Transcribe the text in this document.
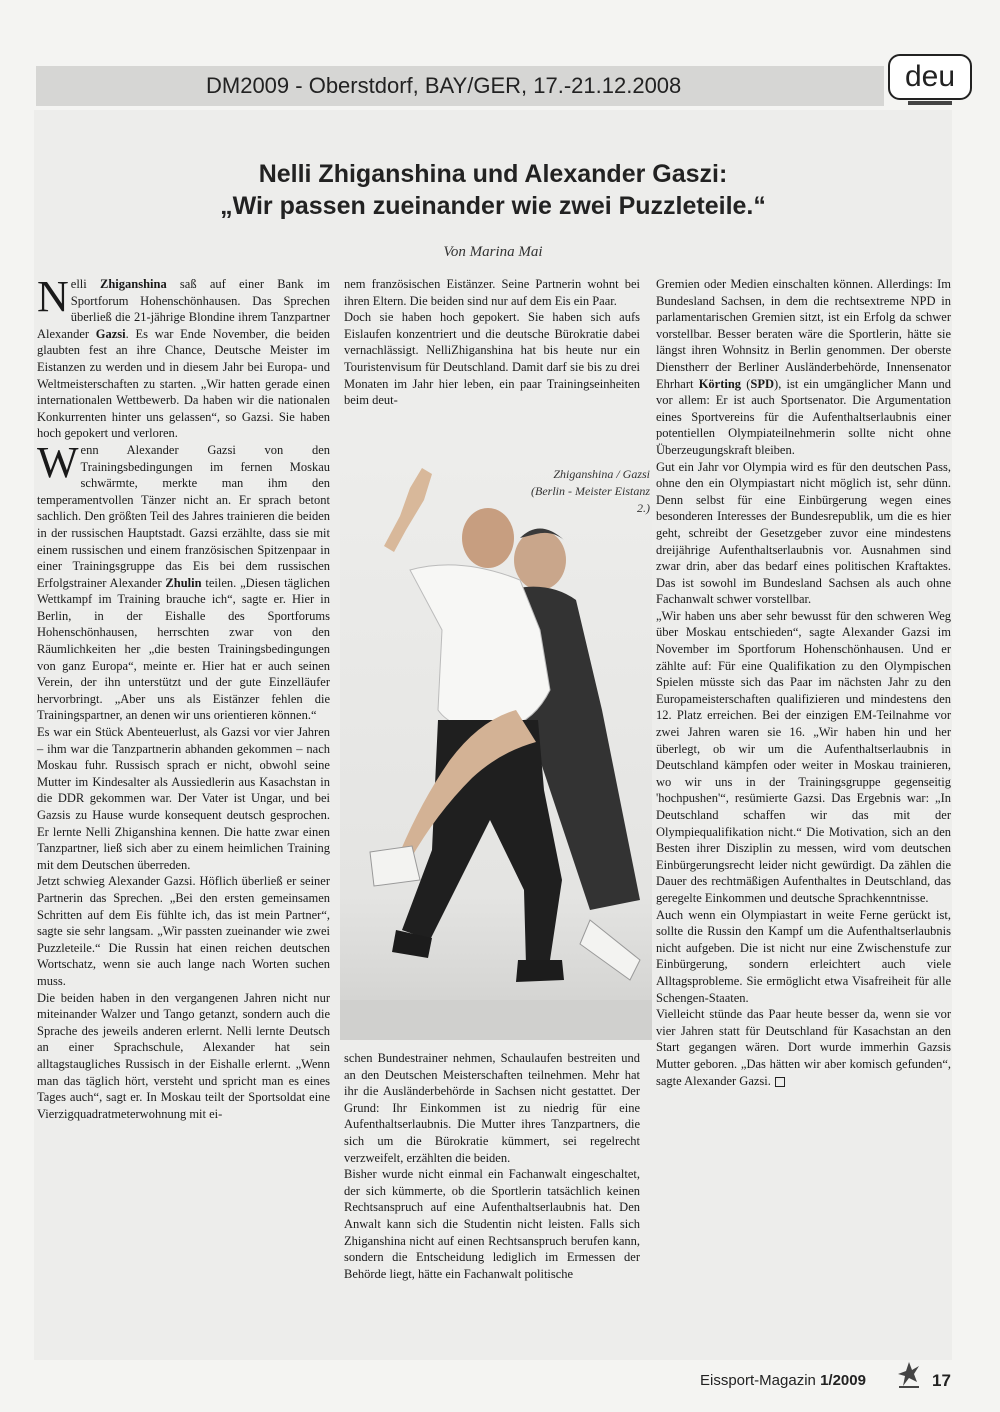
DM2009 - Oberstdorf, BAY/GER, 17.-21.12.2008	deu
Nelli Zhiganshina und Alexander Gaszi:
„Wir passen zueinander wie zwei Puzzleteile.“
Von Marina Mai

Nelli Zhiganshina saß auf einer Bank im Sportforum Hohenschönhausen. Das Sprechen überließ die 21-jährige Blondine ihrem Tanzpartner Alexander Gazsi. Es war Ende November, die beiden glaubten fest an ihre Chance, Deutsche Meister im Eistanzen zu werden und in diesem Jahr bei Europa- und Weltmeisterschaften zu starten. „Wir hatten gerade einen internationalen Wettbewerb. Da haben wir die nationalen Konkurrenten hinter uns gelassen“, so Gazsi. Sie haben hoch gepokert und verloren.

Wenn Alexander Gazsi von den Trainingsbedingungen im fernen Moskau schwärmte, merkte man ihm den temperamentvollen Tänzer nicht an. Er sprach betont sachlich. Den größten Teil des Jahres trainieren die beiden in der russischen Hauptstadt. Gazsi erzählte, dass sie mit einem russischen und einem französischen Spitzenpaar in einer Trainingsgruppe das Eis bei dem russischen Erfolgstrainer Alexander Zhulin teilen. „Diesen täglichen Wettkampf im Training brauche ich“, sagte er. Hier in Berlin, in der Eishalle des Sportforums Hohenschönhausen, herrschten zwar von den Räumlichkeiten her „die besten Trainingsbedingungen von ganz Europa“, meinte er. Hier hat er auch seinen Verein, der ihn unterstützt und der gute Einzelläufer hervorbringt. „Aber uns als Eistänzer fehlen die Trainingspartner, an denen wir uns orientieren können.“

Es war ein Stück Abenteuerlust, als Gazsi vor vier Jahren – ihm war die Tanzpartnerin abhanden gekommen – nach Moskau fuhr. Russisch sprach er nicht, obwohl seine Mutter im Kindesalter als Aussiedlerin aus Kasachstan in die DDR gekommen war. Der Vater ist Ungar, und bei Gazsis zu Hause wurde konsequent deutsch gesprochen. Er lernte Nelli Zhiganshina kennen. Die hatte zwar einen Tanzpartner, ließ sich aber zu einem heimlichen Training mit dem Deutschen überreden.

Jetzt schwieg Alexander Gazsi. Höflich überließ er seiner Partnerin das Sprechen. „Bei den ersten gemeinsamen Schritten auf dem Eis fühlte ich, das ist mein Partner“, sagte sie sehr langsam. „Wir passten zueinander wie zwei Puzzleteile.“ Die Russin hat einen reichen deutschen Wortschatz, wenn sie auch lange nach Worten suchen muss.

Die beiden haben in den vergangenen Jahren nicht nur miteinander Walzer und Tango getanzt, sondern auch die Sprache des jeweils anderen erlernt. Nelli lernte Deutsch an einer Sprachschule, Alexander hat sein alltagstaugliches Russisch in der Eishalle erlernt. „Wenn man das täglich hört, versteht und spricht man es eines Tages auch“, sagt er. In Moskau teilt der Sportsoldat eine Vierzigquadratmeterwohnung mit ei-

nem französischen Eistänzer. Seine Partnerin wohnt bei ihren Eltern. Die beiden sind nur auf dem Eis ein Paar.

Doch sie haben hoch gepokert. Sie haben sich aufs Eislaufen konzentriert und die deutsche Bürokratie dabei vernachlässigt. NelliZhiganshina hat bis heute nur ein Touristenvisum für Deutschland. Damit darf sie bis zu drei Monaten im Jahr hier leben, ein paar Trainingseinheiten beim deut-

Zhiganshina / Gazsi (Berlin - Meister Eistanz 2.)

schen Bundestrainer nehmen, Schaulaufen bestreiten und an den Deutschen Meisterschaften teilnehmen. Mehr hat ihr die Ausländerbehörde in Sachsen nicht gestattet. Der Grund: Ihr Einkommen ist zu niedrig für eine Aufenthaltserlaubnis. Die Mutter ihres Tanzpartners, die sich um die Bürokratie kümmert, sei regelrecht verzweifelt, erzählten die beiden.

Bisher wurde nicht einmal ein Fachanwalt eingeschaltet, der sich kümmerte, ob die Sportlerin tatsächlich keinen Rechtsanspruch auf eine Aufenthaltserlaubnis hat. Den Anwalt kann sich die Studentin nicht leisten. Falls sich Zhiganshina nicht auf einen Rechtsanspruch berufen kann, sondern die Entscheidung lediglich im Ermessen der Behörde liegt, hätte ein Fachanwalt politische

Gremien oder Medien einschalten können. Allerdings: Im Bundesland Sachsen, in dem die rechtsextreme NPD in parlamentarischen Gremien sitzt, ist ein Erfolg da schwer vorstellbar. Besser beraten wäre die Sportlerin, hätte sie längst ihren Wohnsitz in Berlin genommen. Der oberste Dienstherr der Berliner Ausländerbehörde, Innensenator Ehrhart Körting (SPD), ist ein umgänglicher Mann und vor allem: Er ist auch Sportsenator. Die Argumentation eines Sportvereins für die Aufenthaltserlaubnis einer potentiellen Olympiateilnehmerin sollte nicht ohne Überzeugungskraft bleiben.

Gut ein Jahr vor Olympia wird es für den deutschen Pass, ohne den ein Olympiastart nicht möglich ist, sehr dünn. Denn selbst für eine Einbürgerung wegen eines besonderen Interesses der Bundesrepublik, um die es hier geht, schreibt der Gesetzgeber zuvor eine mindestens dreijährige Aufenthaltserlaubnis vor. Ausnahmen sind zwar drin, aber das bedarf eines politischen Kraftaktes. Das ist sowohl im Bundesland Sachsen als auch ohne Fachanwalt schwer vorstellbar.

„Wir haben uns aber sehr bewusst für den schweren Weg über Moskau entschieden“, sagte Alexander Gazsi im November im Sportforum Hohenschönhausen. Und er zählte auf: Für eine Qualifikation zu den Olympischen Spielen müsste sich das Paar im nächsten Jahr zu den Europameisterschaften qualifizieren und mindestens den 12. Platz erreichen. Bei der einzigen EM-Teilnahme vor zwei Jahren waren sie 16. „Wir haben hin und her überlegt, ob wir um die Aufenthaltserlaubnis in Deutschland kämpfen oder weiter in Moskau trainieren, wo wir uns in der Trainingsgruppe gegenseitig 'hochpushen'“, resümierte Gazsi. Das Ergebnis war: „In Deutschland schaffen wir das mit der Olympiequalifikation nicht.“ Die Motivation, sich an den Besten ihrer Disziplin zu messen, wird vom deutschen Einbürgerungsrecht leider nicht gewürdigt. Da zählen die Dauer des rechtmäßigen Aufenthaltes in Deutschland, das geregelte Einkommen und deutsche Sprachkenntnisse.

Auch wenn ein Olympiastart in weite Ferne gerückt ist, sollte die Russin den Kampf um die Aufenthaltserlaubnis nicht aufgeben. Die ist nicht nur eine Zwischenstufe zur Einbürgerung, sondern erleichtert auch viele Alltagsprobleme. Sie ermöglicht etwa Visafreiheit für alle Schengen-Staaten.

Vielleicht stünde das Paar heute besser da, wenn sie vor vier Jahren statt für Deutschland für Kasachstan an den Start gegangen wären. Dort wurde immerhin Gazsis Mutter geboren. „Das hätten wir aber komisch gefunden“, sagte Alexander Gazsi.

Eissport-Magazin 1/2009	17
